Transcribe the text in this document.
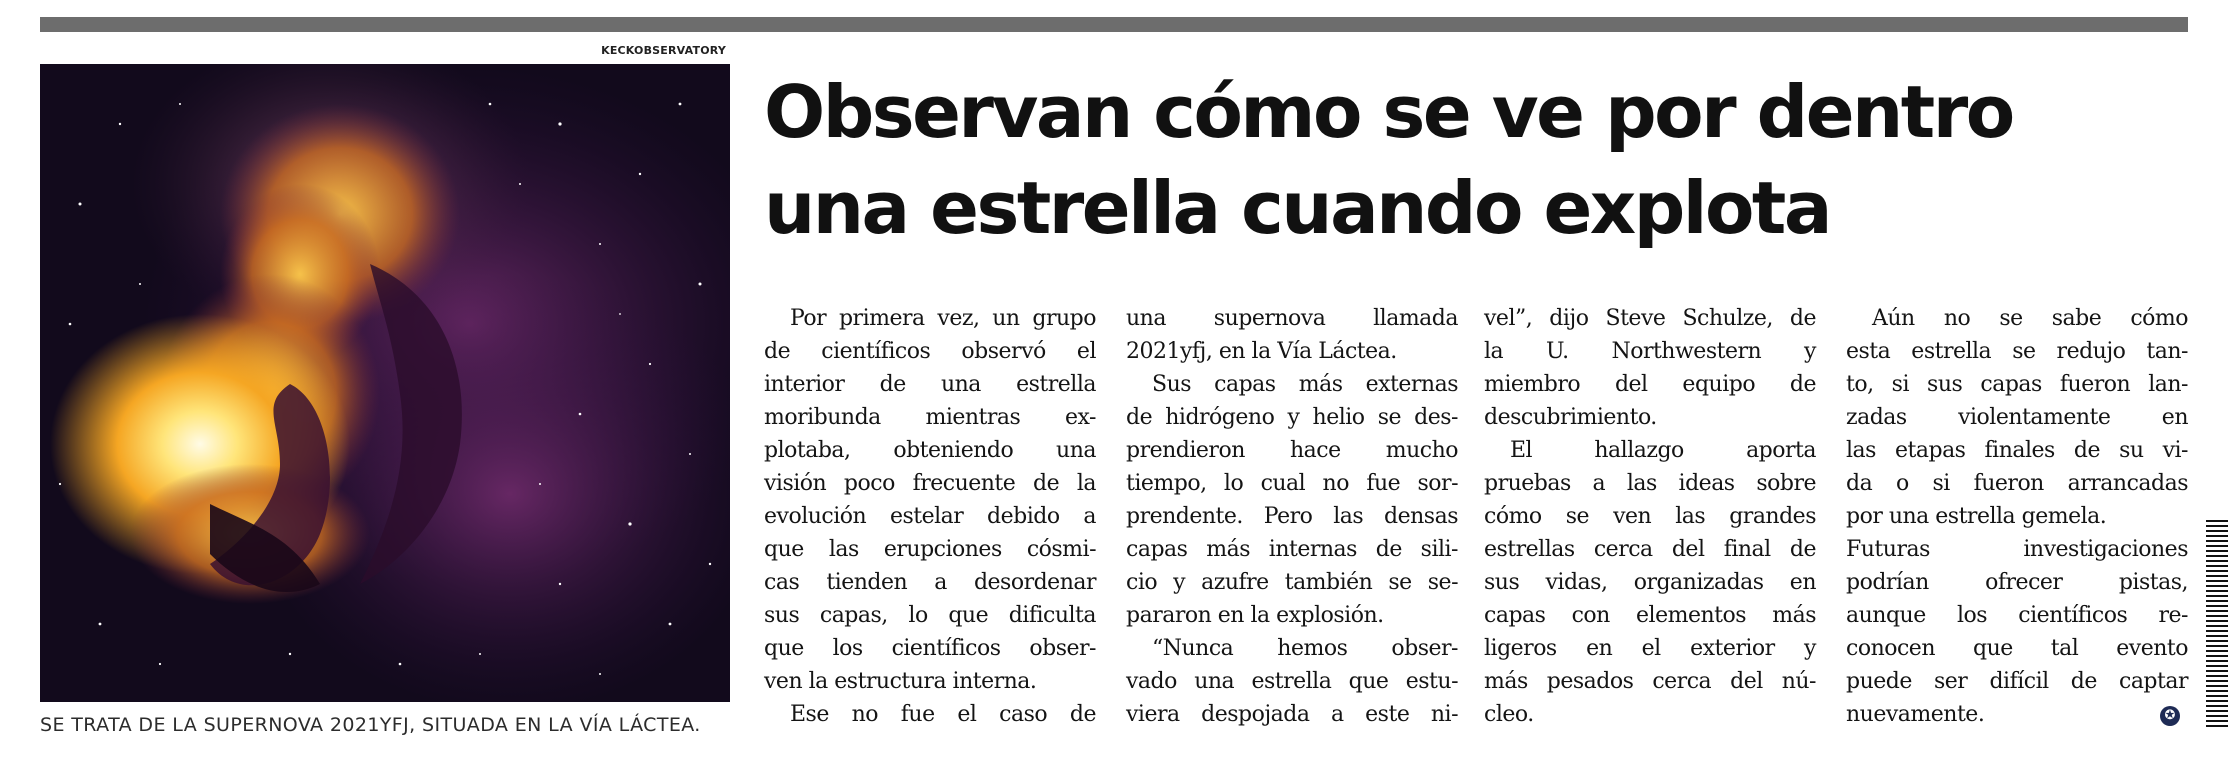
KECKOBSERVATORY
SE TRATA DE LA SUPERNOVA 2021YFJ, SITUADA EN LA VÍA LÁCTEA.
Observan cómo se ve por dentro
una estrella cuando explota
Por primera vez, un grupo
de científicos observó el
interior de una estrella
moribunda mientras ex-
plotaba, obteniendo una
visión poco frecuente de la
evolución estelar debido a
que las erupciones cósmi-
cas tienden a desordenar
sus capas, lo que dificulta
que los científicos obser-
ven la estructura interna.
Ese no fue el caso de
una supernova llamada
2021yfj, en la Vía Láctea.
Sus capas más externas
de hidrógeno y helio se des-
prendieron hace mucho
tiempo, lo cual no fue sor-
prendente. Pero las densas
capas más internas de sili-
cio y azufre también se se-
pararon en la explosión.
“Nunca hemos obser-
vado una estrella que estu-
viera despojada a este ni-
vel”, dijo Steve Schulze, de
la U. Northwestern y
miembro del equipo de
descubrimiento.
El hallazgo aporta
pruebas a las ideas sobre
cómo se ven las grandes
estrellas cerca del final de
sus vidas, organizadas en
capas con elementos más
ligeros en el exterior y
más pesados cerca del nú-
cleo.
Aún no se sabe cómo
esta estrella se redujo tan-
to, si sus capas fueron lan-
zadas violentamente en
las etapas finales de su vi-
da o si fueron arrancadas
por una estrella gemela.
Futuras investigaciones
podrían ofrecer pistas,
aunque los científicos re-
conocen que tal evento
puede ser difícil de captar
nuevamente.	✪
